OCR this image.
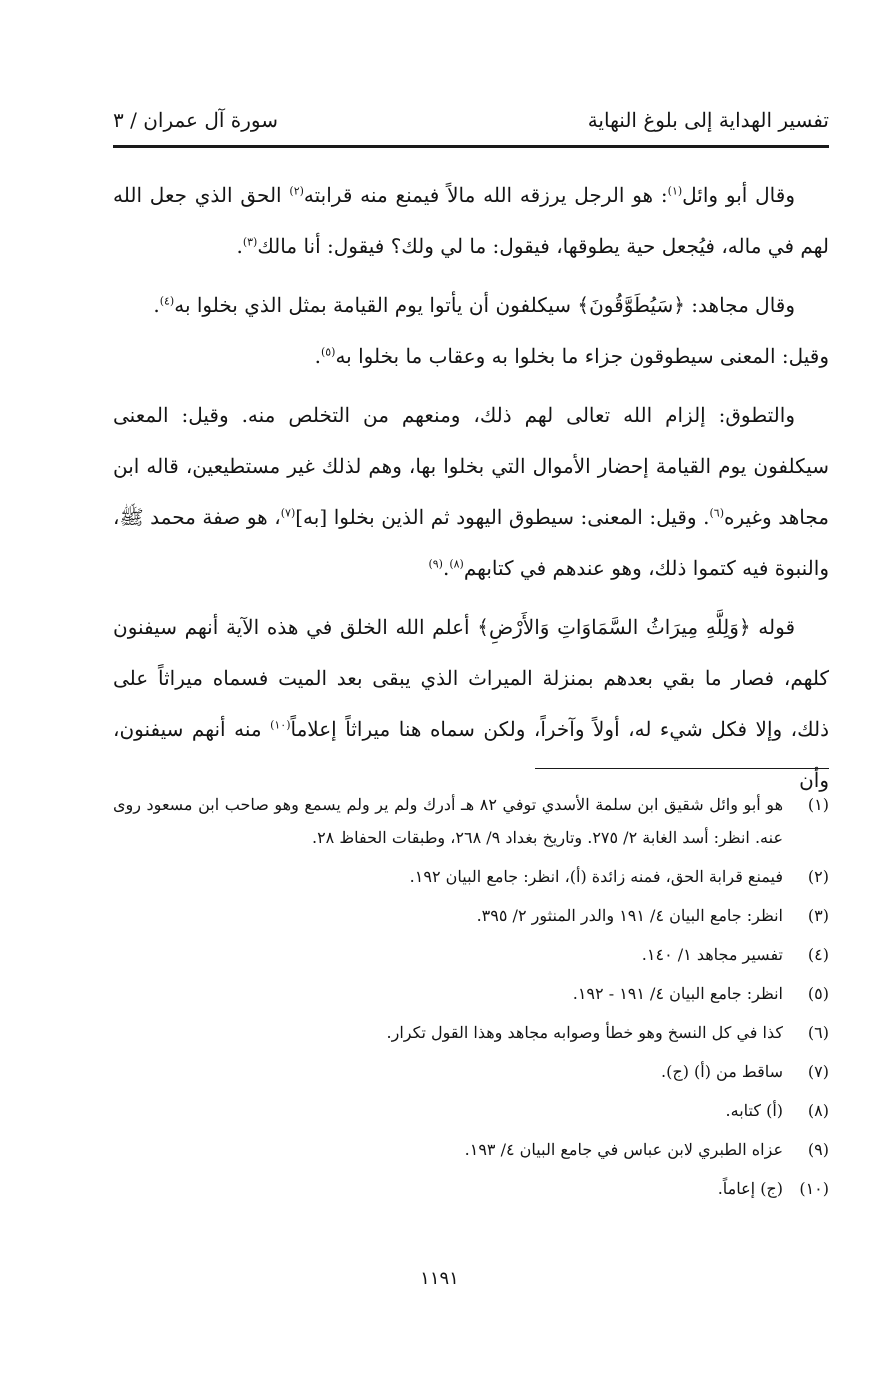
تفسير الهداية إلى بلوغ النهاية
سورة آل عمران / ٣

وقال أبو وائل$^{(١)}$: هو الرجل يرزقه الله مالاً فيمنع منه قرابته$^{(٢)}$ الحق الذي جعل الله لهم في ماله، فيُجعل حية يطوقها، فيقول: ما لي ولك؟ فيقول: أنا مالك$^{(٣)}$.

وقال مجاهد: ﴿سَيُطَوَّقُونَ﴾ سيكلفون أن يأتوا يوم القيامة بمثل الذي بخلوا به$^{(٤)}$.

وقيل: المعنى سيطوقون جزاء ما بخلوا به وعقاب ما بخلوا به$^{(٥)}$.

والتطوق: إلزام الله تعالى لهم ذلك، ومنعهم من التخلص منه. وقيل: المعنى سيكلفون يوم القيامة إحضار الأموال التي بخلوا بها، وهم لذلك غير مستطيعين، قاله ابن مجاهد وغيره$^{(٦)}$. وقيل: المعنى: سيطوق اليهود ثم الذين بخلوا [به]$^{(٧)}$، هو صفة محمد ﷺ، والنبوة فيه كتموا ذلك، وهو عندهم في كتابهم$^{(٨)}$.$^{(٩)}$

قوله ﴿وَلِلَّهِ مِيرَاثُ السَّمَاوَاتِ وَالأَرْضِ﴾ أعلم الله الخلق في هذه الآية أنهم سيفنون كلهم، فصار ما بقي بعدهم بمنزلة الميراث الذي يبقى بعد الميت فسماه ميراثاً على ذلك، وإلا فكل شيء له، أولاً وآخراً، ولكن سماه هنا ميراثاً إعلاماً$^{(١٠)}$ منه أنهم سيفنون، وأن

(١)
هو أبو وائل شقيق ابن سلمة الأسدي توفي ٨٢ هـ أدرك ولم ير ولم يسمع وهو صاحب ابن مسعود روى عنه. انظر: أسد الغابة ٢/ ٢٧٥. وتاريخ بغداد ٩/ ٢٦٨، وطبقات الحفاظ ٢٨.
(٢)
فيمنع قرابة الحق، فمنه زائدة (أ)، انظر: جامع البيان ١٩٢.
(٣)
انظر: جامع البيان ٤/ ١٩١ والدر المنثور ٢/ ٣٩٥.
(٤)
تفسير مجاهد ١/ ١٤٠.
(٥)
انظر: جامع البيان ٤/ ١٩١ - ١٩٢.
(٦)
كذا في كل النسخ وهو خطأ وصوابه مجاهد وهذا القول تكرار.
(٧)
ساقط من (أ) (ج).
(٨)
(أ) كتابه.
(٩)
عزاه الطبري لابن عباس في جامع البيان ٤/ ١٩٣.
(١٠)
(ج) إعاماً.
١١٩١
